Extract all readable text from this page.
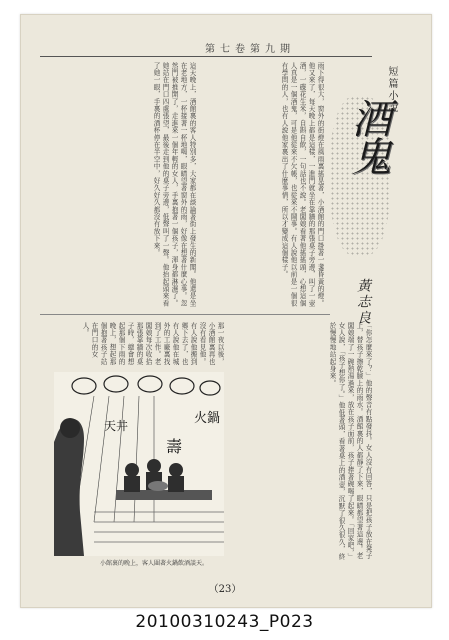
第七卷第九期
短篇小說
酒鬼
黃志良
雨下得很大，窗外的街燈在風雨裏搖晃著，小酒館的門口掛著一盞昏黃的燈。他又來了，每天晚上都是這樣，一進門就坐在靠牆的那張桌子旁邊，叫了一壺酒，一碟花生米，自斟自飲，一句話也不說。老闆娘看著他搖搖頭，心想這個人真是一個酒鬼，可是他從來不欠帳，也從來不鬧事。有人說他以前是一個很有學問的人，也有人說他家裏出了什麼事情，所以才變成這個樣子。
這天晚上，酒館裏的客人特別多，大家都在談論著街上發生的新聞。他還是坐在老地方，一杯接著一杯地喝，眼睛望著窗外的雨，好像在想著什麼心事。忽然門被推開了，走進來一個年輕的女人，手裏抱著一個孩子，渾身都淋濕了。她站在門口四處張望，最後走到他的桌子旁邊，低聲叫了一聲。他抬起頭來看了她一眼，手裏的酒杯停在半空中，好久好久都沒有放下來。
「你怎麼來了？」他的聲音有點發抖。女人沒有回答，只是把孩子放在凳子上，替孩子擦乾臉上的雨水。酒館裏的人都靜了下來，眼睛都望著這邊。老闆娘端了一碗熱湯過來，放在孩子面前，孩子捧著碗喝了起來。「回家吧，」女人說，「孩子想你了。」他低著頭，看著桌上的酒壺，沉默了很久很久，終於慢慢地站起身來。
那一夜以後，小酒館裏再也沒有看見他。有人說他搬到鄉下去了，也有人說他在城外的工廠裏找到了工作。老闆娘每次收拾那張靠牆的桌子時，總會想起那個下雨的晚上，想起那個抱著孩子站在門口的女人。
天井
壽
火鍋
小館裏的晚上，客人圍著火鍋飲酒談天。
（23）
20100310243_P023
